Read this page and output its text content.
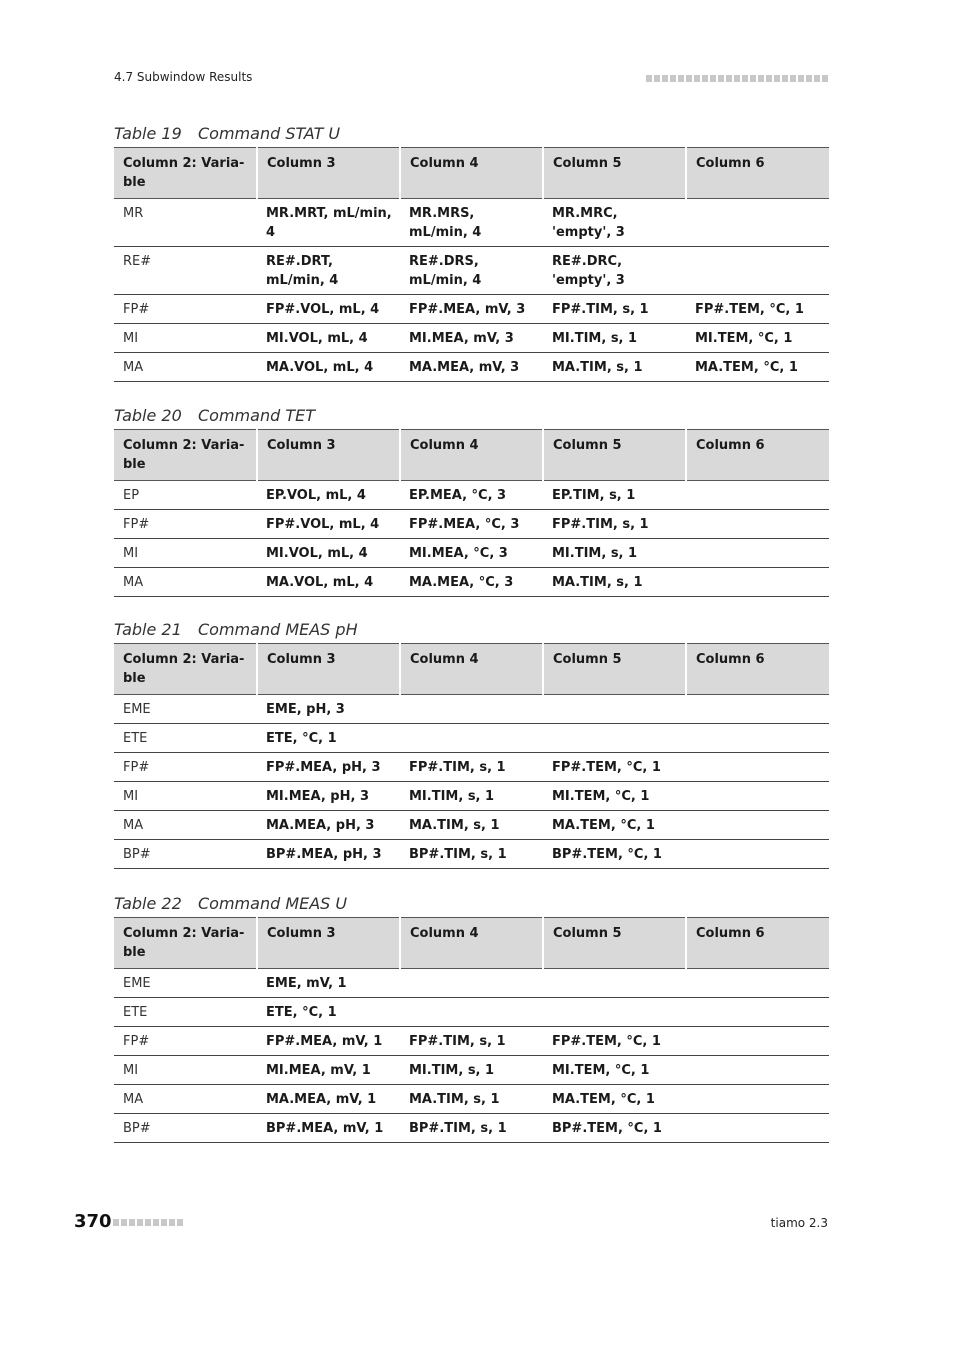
4.7 Subwindow Results
Table 19 Command STAT U
Column 2: Varia-
ble	Column 3	Column 4	Column 5	Column 6
MR	MR.MRT, mL/min, 4	MR.MRS, mL/min, 4	MR.MRC, 'empty', 3	
RE#	RE#.DRT, mL/min, 4	RE#.DRS, mL/min, 4	RE#.DRC, 'empty', 3	
FP#	FP#.VOL, mL, 4	FP#.MEA, mV, 3	FP#.TIM, s, 1	FP#.TEM, °C, 1
MI	MI.VOL, mL, 4	MI.MEA, mV, 3	MI.TIM, s, 1	MI.TEM, °C, 1
MA	MA.VOL, mL, 4	MA.MEA, mV, 3	MA.TIM, s, 1	MA.TEM, °C, 1
Table 20 Command TET
Column 2: Varia-
ble	Column 3	Column 4	Column 5	Column 6
EP	EP.VOL, mL, 4	EP.MEA, °C, 3	EP.TIM, s, 1	
FP#	FP#.VOL, mL, 4	FP#.MEA, °C, 3	FP#.TIM, s, 1	
MI	MI.VOL, mL, 4	MI.MEA, °C, 3	MI.TIM, s, 1	
MA	MA.VOL, mL, 4	MA.MEA, °C, 3	MA.TIM, s, 1	
Table 21 Command MEAS pH
Column 2: Varia-
ble	Column 3	Column 4	Column 5	Column 6
EME	EME, pH, 3			
ETE	ETE, °C, 1			
FP#	FP#.MEA, pH, 3	FP#.TIM, s, 1	FP#.TEM, °C, 1	
MI	MI.MEA, pH, 3	MI.TIM, s, 1	MI.TEM, °C, 1	
MA	MA.MEA, pH, 3	MA.TIM, s, 1	MA.TEM, °C, 1	
BP#	BP#.MEA, pH, 3	BP#.TIM, s, 1	BP#.TEM, °C, 1	
Table 22 Command MEAS U
Column 2: Varia-
ble	Column 3	Column 4	Column 5	Column 6
EME	EME, mV, 1			
ETE	ETE, °C, 1			
FP#	FP#.MEA, mV, 1	FP#.TIM, s, 1	FP#.TEM, °C, 1	
MI	MI.MEA, mV, 1	MI.TIM, s, 1	MI.TEM, °C, 1	
MA	MA.MEA, mV, 1	MA.TIM, s, 1	MA.TEM, °C, 1	
BP#	BP#.MEA, mV, 1	BP#.TIM, s, 1	BP#.TEM, °C, 1	
370	tiamo 2.3
